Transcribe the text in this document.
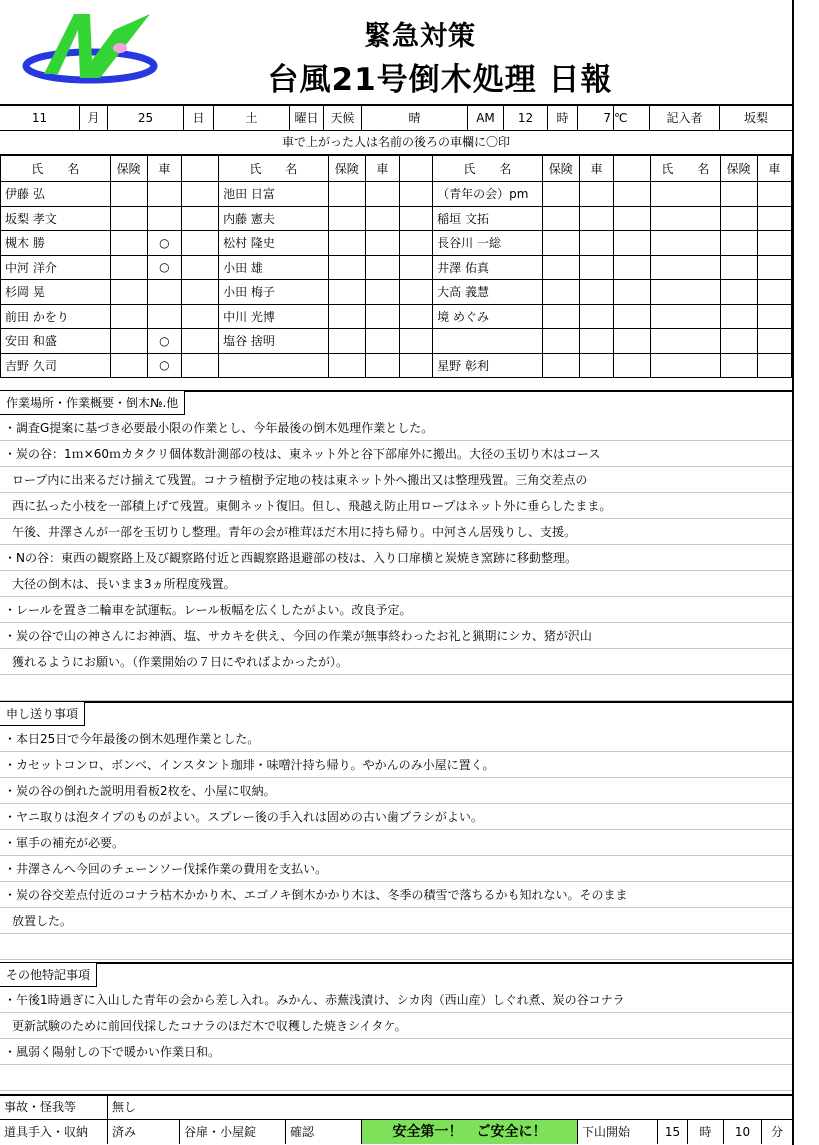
緊急対策
台風21号倒木処理 日報
11	月	25	日	土	曜日 天候	晴	AM	12	時	7 ℃	記入者	坂梨
車で上がった人は名前の後ろの車欄に〇印
氏　　名	保険	車		氏　　名	保険	車		氏　　名	保険	車		氏　　名	保険	車
伊藤 弘				池田 日富				（青年の会）pm						
坂梨 孝文				内藤 憲夫				稲垣 文拓						
槻木 勝		○		松村 隆史				長谷川 一総						
中河 洋介		○		小田 雄				井澤 佑真						
杉岡 晃				小田 梅子				大高 義慧						
前田 かをり				中川 光博				境 めぐみ						
安田 和盛		○		塩谷 捨明										
吉野 久司		○						星野 彰利						
作業場所・作業概要・倒木№.他
・調査G提案に基づき必要最小限の作業とし、今年最後の倒木処理作業とした。
・炭の谷：1ｍ×60ｍカタクリ個体数計測部の枝は、東ネット外と谷下部扉外に搬出。大径の玉切り木はコース
ロープ内に出来るだけ揃えて残置。コナラ植樹予定地の枝は東ネット外へ搬出又は整理残置。三角交差点の
西に払った小枝を一部積上げて残置。東側ネット復旧。但し、飛越え防止用ロープはネット外に垂らしたまま。
午後、井澤さんが一部を玉切りし整理。青年の会が椎茸ほだ木用に持ち帰り。中河さん居残りし、支援。
・Nの谷：東西の観察路上及び観察路付近と西観察路退避部の枝は、入り口扉横と炭焼き窯跡に移動整理。
大径の倒木は、長いまま3ヵ所程度残置。
・レールを置き二輪車を試運転。レール板幅を広くしたがよい。改良予定。
・炭の谷で山の神さんにお神酒、塩、サカキを供え、今回の作業が無事終わったお礼と猟期にシカ、猪が沢山
獲れるようにお願い。（作業開始の７日にやればよかったが）。
申し送り事項
・本日25日で今年最後の倒木処理作業とした。
・カセットコンロ、ボンベ、インスタント珈琲・味噌汁持ち帰り。やかんのみ小屋に置く。
・炭の谷の倒れた説明用看板2枚を、小屋に収納。
・ヤニ取りは泡タイプのものがよい。スプレー後の手入れは固めの古い歯ブラシがよい。
・軍手の補充が必要。
・井澤さんへ今回のチェーンソー伐採作業の費用を支払い。
・炭の谷交差点付近のコナラ枯木かかり木、エゴノキ倒木かかり木は、冬季の積雪で落ちるかも知れない。そのまま
放置した。
その他特記事項
・午後1時過ぎに入山した青年の会から差し入れ。みかん、赤蕪浅漬け、シカ肉（西山産）しぐれ煮、炭の谷コナラ
更新試験のために前回伐採したコナラのほだ木で収穫した焼きシイタケ。
・風弱く陽射しの下で暖かい作業日和。
事故・怪我等	無し
道具手入・収納	済み	谷扉・小屋錠	確認	安全第一！　ご安全に！	下山開始	15	時	10	分
